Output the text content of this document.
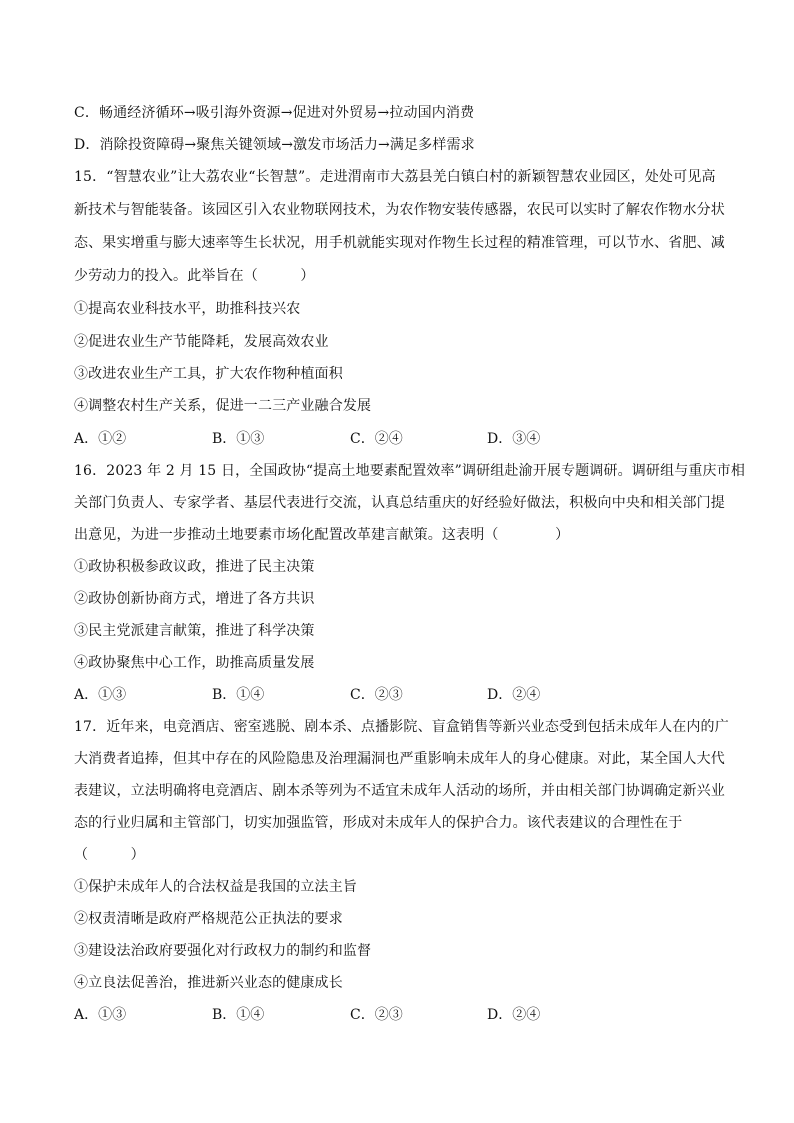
C．畅通经济循环→吸引海外资源→促进对外贸易→拉动国内消费
D．消除投资障碍→聚焦关键领域→激发市场活力→满足多样需求
15．“智慧农业”让大荔农业“长智慧”。走进渭南市大荔县羌白镇白村的新颖智慧农业园区，处处可见高
新技术与智能装备。该园区引入农业物联网技术，为农作物安装传感器，农民可以实时了解农作物水分状
态、果实增重与膨大速率等生长状况，用手机就能实现对作物生长过程的精准管理，可以节水、省肥、减
少劳动力的投入。此举旨在（　　　）
①提高农业科技水平，助推科技兴农
②促进农业生产节能降耗，发展高效农业
③改进农业生产工具，扩大农作物种植面积
④调整农村生产关系，促进一二三产业融合发展
A．①②	B．①③	C．②④	D．③④
16．2023 年 2 月 15 日，全国政协“提高土地要素配置效率”调研组赴渝开展专题调研。调研组与重庆市相
关部门负责人、专家学者、基层代表进行交流，认真总结重庆的好经验好做法，积极向中央和相关部门提
出意见，为进一步推动土地要素市场化配置改革建言献策。这表明（　　　　）
①政协积极参政议政，推进了民主决策
②政协创新协商方式，增进了各方共识
③民主党派建言献策，推进了科学决策
④政协聚焦中心工作，助推高质量发展
A．①③	B．①④	C．②③	D．②④
17．近年来，电竞酒店、密室逃脱、剧本杀、点播影院、盲盒销售等新兴业态受到包括未成年人在内的广
大消费者追捧，但其中存在的风险隐患及治理漏洞也严重影响未成年人的身心健康。对此，某全国人大代
表建议，立法明确将电竞酒店、剧本杀等列为不适宜未成年人活动的场所，并由相关部门协调确定新兴业
态的行业归属和主管部门，切实加强监管，形成对未成年人的保护合力。该代表建议的合理性在于
（　　　）
①保护未成年人的合法权益是我国的立法主旨
②权责清晰是政府严格规范公正执法的要求
③建设法治政府要强化对行政权力的制约和监督
④立良法促善治，推进新兴业态的健康成长
A．①③	B．①④	C．②③	D．②④
